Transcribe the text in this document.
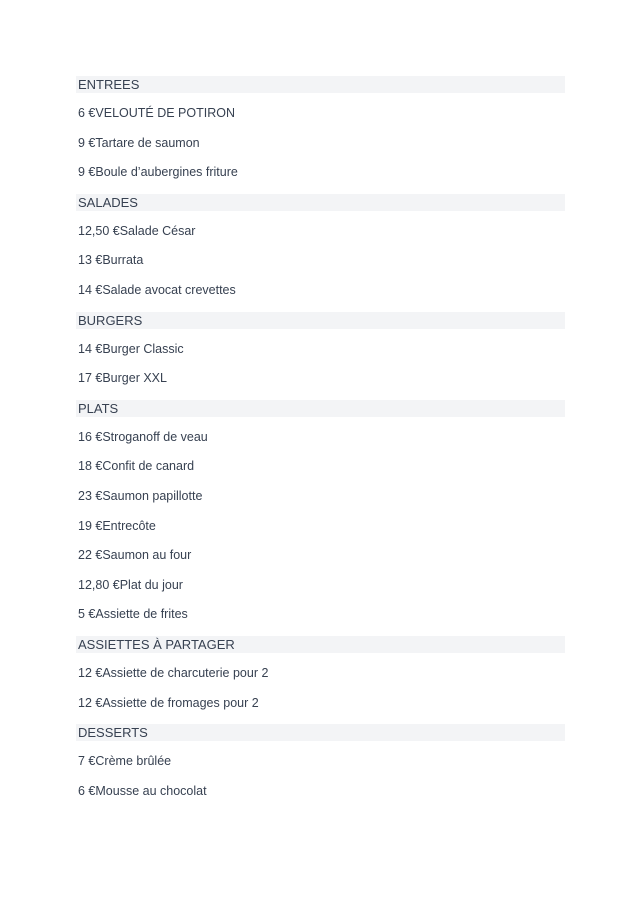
ENTREES
6 €VELOUTÉ DE POTIRON
9 €Tartare de saumon
9 €Boule d’aubergines friture
SALADES
12,50 €Salade César
13 €Burrata
14 €Salade avocat crevettes
BURGERS
14 €Burger Classic
17 €Burger XXL
PLATS
16 €Stroganoff de veau
18 €Confit de canard
23 €Saumon papillotte
19 €Entrecôte
22 €Saumon au four
12,80 €Plat du jour
5 €Assiette de frites
ASSIETTES À PARTAGER
12 €Assiette de charcuterie pour 2
12 €Assiette de fromages pour 2
DESSERTS
7 €Crème brûlée
6 €Mousse au chocolat
